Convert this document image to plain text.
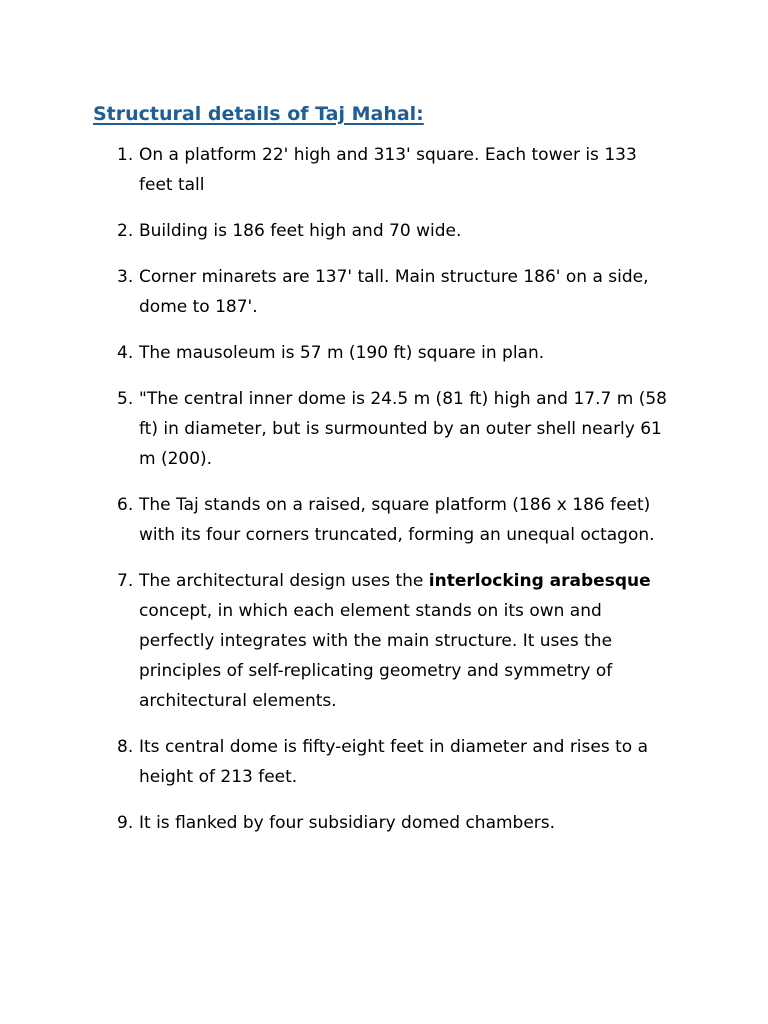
Structural details of Taj Mahal:
1. On a platform 22' high and 313' square. Each tower is 133 feet tall
2. Building is 186 feet high and 70 wide.
3. Corner minarets are 137' tall. Main structure 186' on a side, dome to 187'.
4. The mausoleum is 57 m (190 ft) square in plan.
5. "The central inner dome is 24.5 m (81 ft) high and 17.7 m (58 ft) in diameter, but is surmounted by an outer shell nearly 61 m (200).
6. The Taj stands on a raised, square platform (186 x 186 feet) with its four corners truncated, forming an unequal octagon.
7. The architectural design uses the interlocking arabesque concept, in which each element stands on its own and perfectly integrates with the main structure. It uses the principles of self-replicating geometry and symmetry of architectural elements.
8. Its central dome is fifty-eight feet in diameter and rises to a height of 213 feet.
9. It is flanked by four subsidiary domed chambers.
